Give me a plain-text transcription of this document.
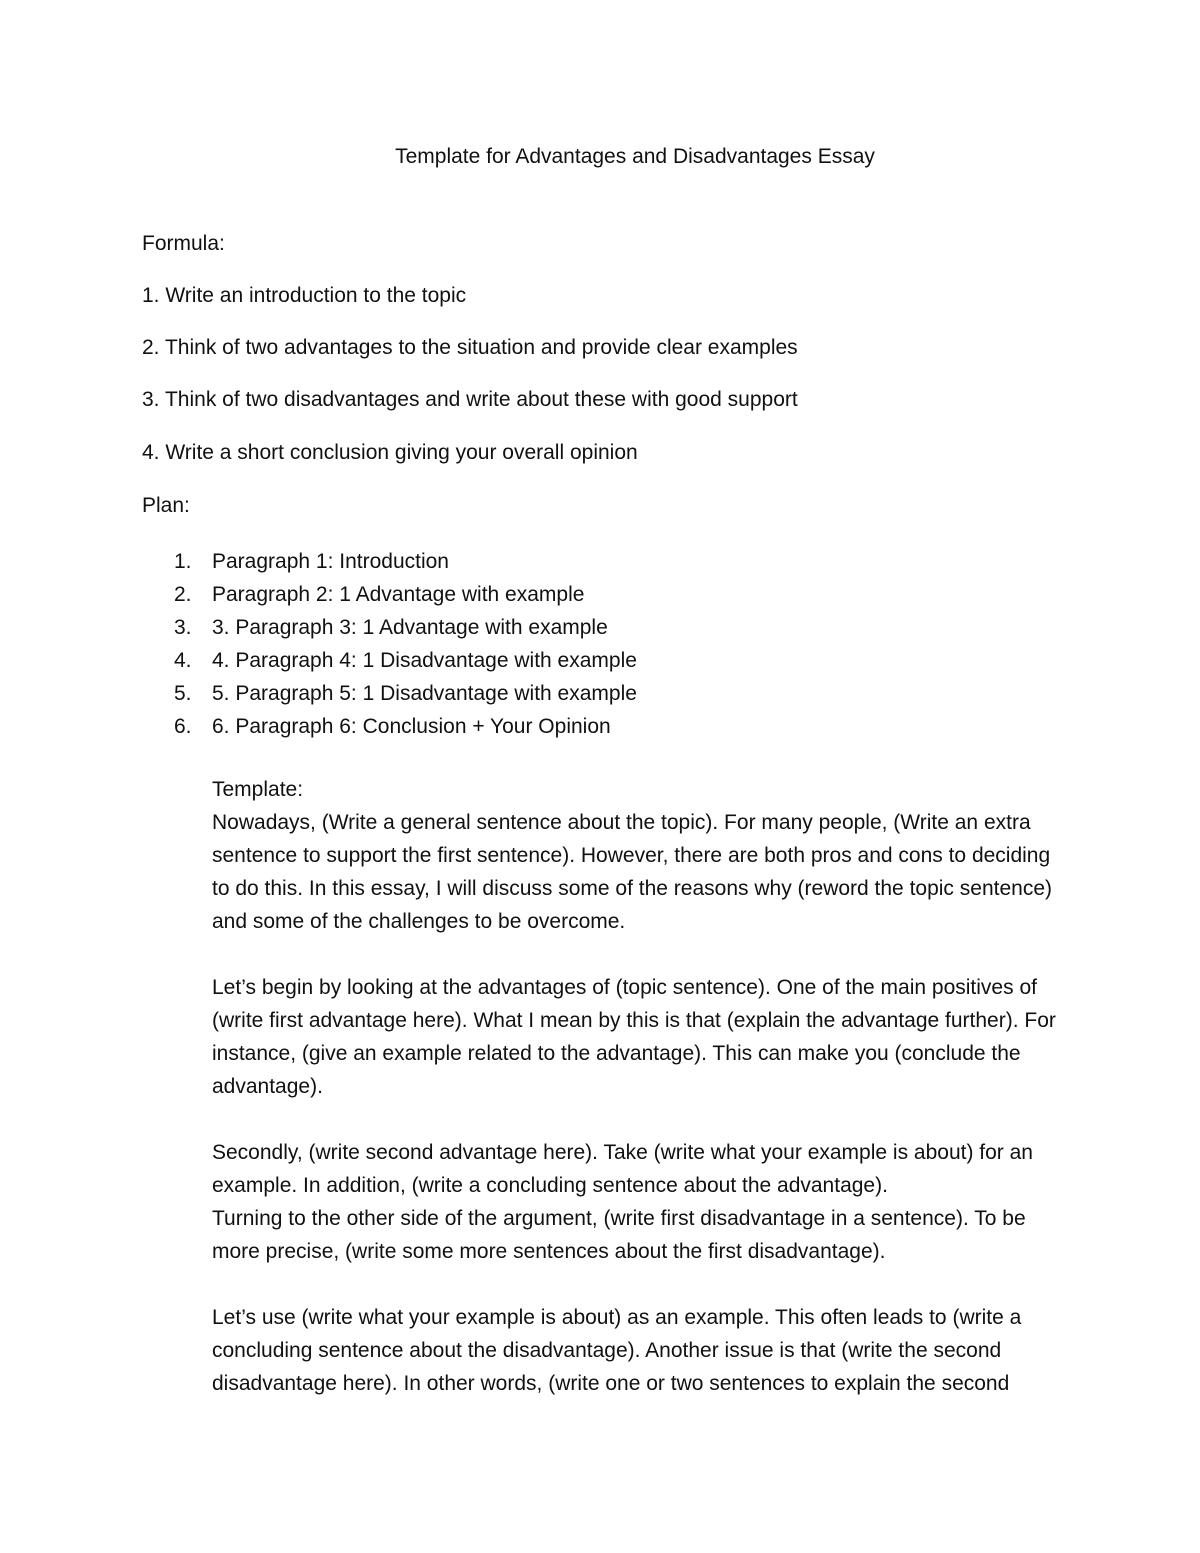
Template for Advantages and Disadvantages Essay
Formula:
1. Write an introduction to the topic
2. Think of two advantages to the situation and provide clear examples
3. Think of two disadvantages and write about these with good support
4. Write a short conclusion giving your overall opinion
Plan:
1. Paragraph 1: Introduction
2. Paragraph 2: 1 Advantage with example
3. 3. Paragraph 3: 1 Advantage with example
4. 4. Paragraph 4: 1 Disadvantage with example
5. 5. Paragraph 5: 1 Disadvantage with example
6. 6. Paragraph 6: Conclusion + Your Opinion

Template:

Nowadays, (Write a general sentence about the topic). For many people, (Write an extra sentence to support the first sentence). However, there are both pros and cons to deciding to do this. In this essay, I will discuss some of the reasons why (reword the topic sentence) and some of the challenges to be overcome.

Let’s begin by looking at the advantages of (topic sentence). One of the main positives of (write first advantage here). What I mean by this is that (explain the advantage further). For instance, (give an example related to the advantage). This can make you (conclude the advantage).

Secondly, (write second advantage here). Take (write what your example is about) for an example. In addition, (write a concluding sentence about the advantage).

Turning to the other side of the argument, (write first disadvantage in a sentence). To be more precise, (write some more sentences about the first disadvantage).

Let’s use (write what your example is about) as an example. This often leads to (write a concluding sentence about the disadvantage). Another issue is that (write the second disadvantage here). In other words, (write one or two sentences to explain the second
